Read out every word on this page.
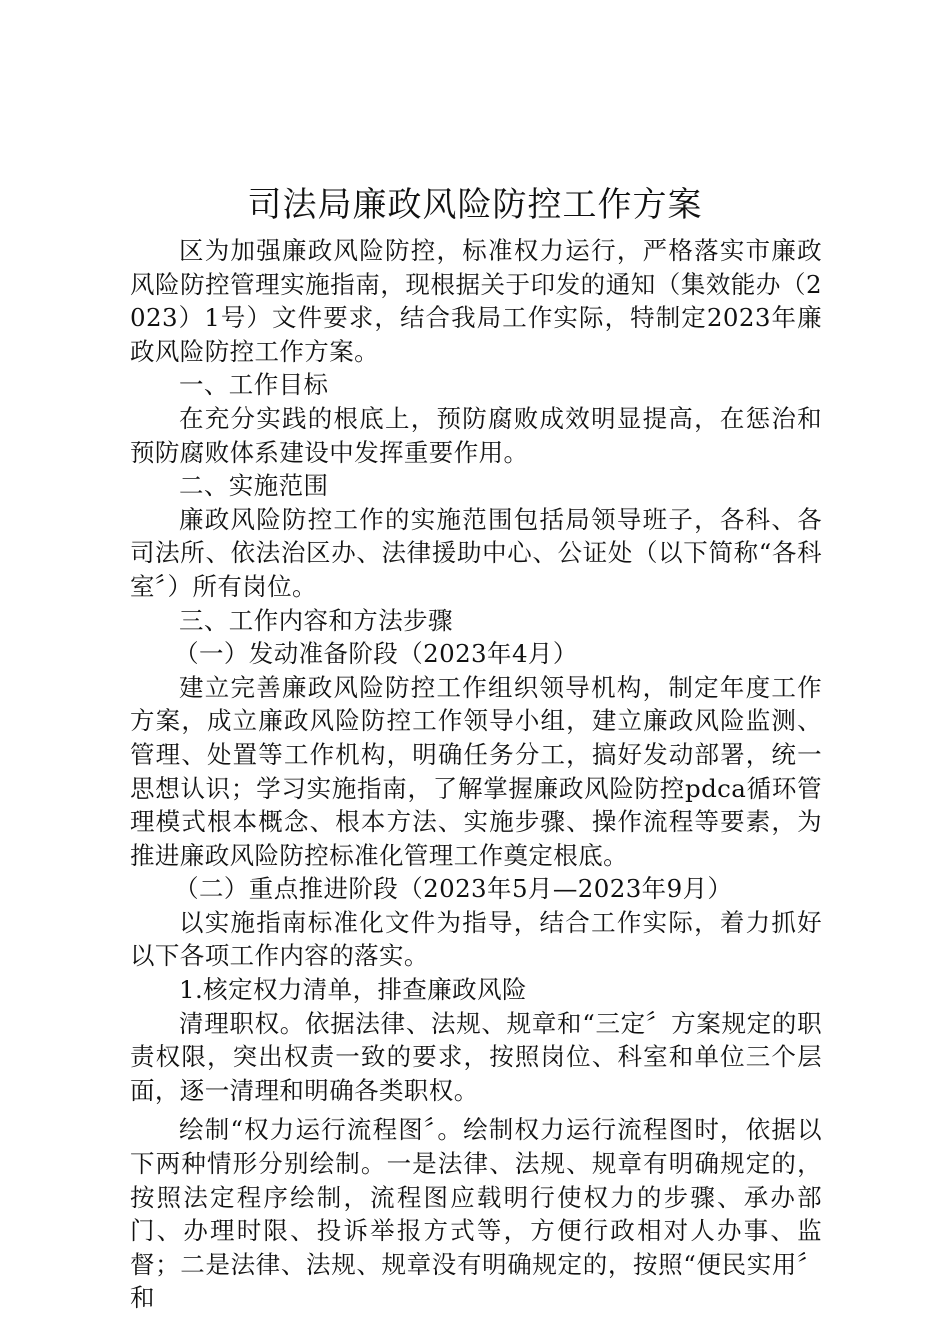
司法局廉政风险防控工作方案

区为加强廉政风险防控，标准权力运行，严格落实市廉政风险防控管理实施指南，现根据关于印发的通知（集效能办（2023）1号）文件要求，结合我局工作实际，特制定2023年廉政风险防控工作方案。

一、工作目标

在充分实践的根底上，预防腐败成效明显提高，在惩治和预防腐败体系建设中发挥重要作用。

二、实施范围

廉政风险防控工作的实施范围包括局领导班子，各科、各司法所、依法治区办、法律援助中心、公证处（以下简称“各科室〞）所有岗位。

三、工作内容和方法步骤

（一）发动准备阶段（2023年4月）

建立完善廉政风险防控工作组织领导机构，制定年度工作方案，成立廉政风险防控工作领导小组，建立廉政风险监测、管理、处置等工作机构，明确任务分工，搞好发动部署，统一思想认识；学习实施指南，了解掌握廉政风险防控pdca循环管理模式根本概念、根本方法、实施步骤、操作流程等要素，为推进廉政风险防控标准化管理工作奠定根底。

（二）重点推进阶段（2023年5月—2023年9月）

以实施指南标准化文件为指导，结合工作实际，着力抓好以下各项工作内容的落实。

1.核定权力清单，排查廉政风险

清理职权。依据法律、法规、规章和“三定〞方案规定的职责权限，突出权责一致的要求，按照岗位、科室和单位三个层面，逐一清理和明确各类职权。

绘制“权力运行流程图〞。绘制权力运行流程图时，依据以下两种情形分别绘制。一是法律、法规、规章有明确规定的，按照法定程序绘制，流程图应载明行使权力的步骤、承办部门、办理时限、投诉举报方式等，方便行政相对人办事、监督；二是法律、法规、规章没有明确规定的，按照“便民实用〞和
